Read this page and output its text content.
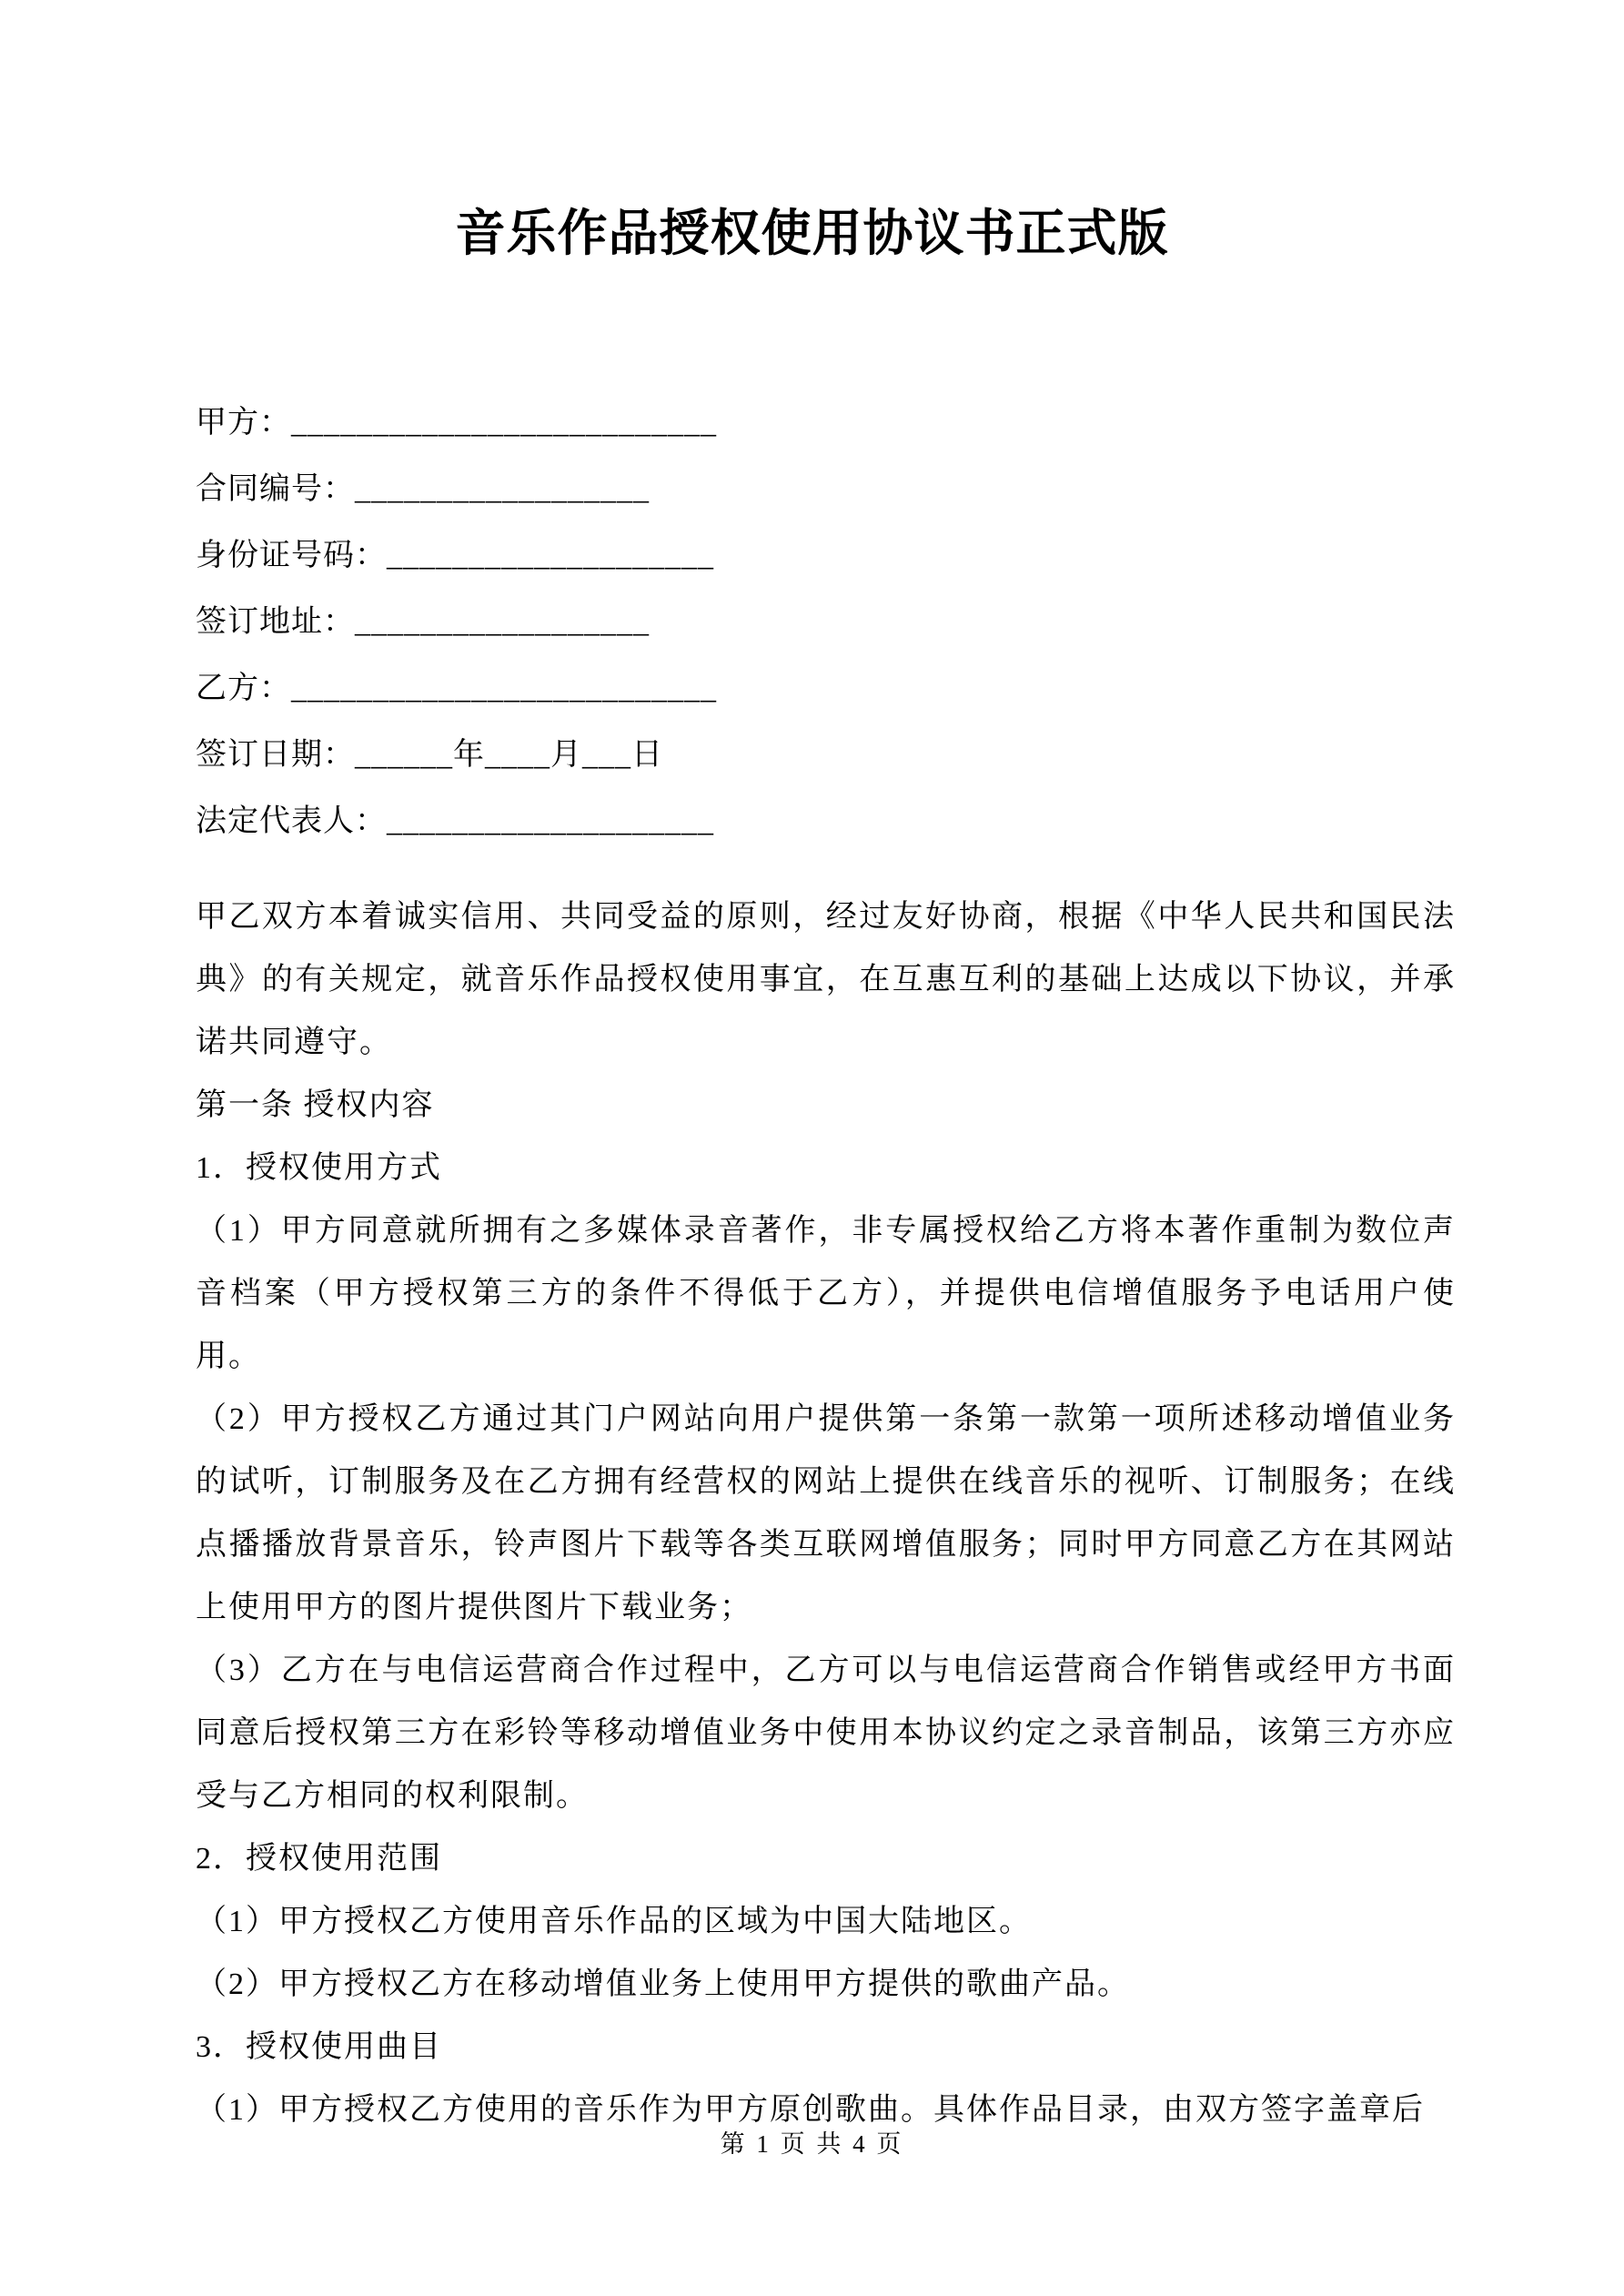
音乐作品授权使用协议书正式版
甲方：__________________________
合同编号：__________________
身份证号码：____________________
签订地址：__________________
乙方：__________________________
签订日期：______年____月___日
法定代表人：____________________

甲乙双方本着诚实信用、共同受益的原则，经过友好协商，根据《中华人民共和国民法典》的有关规定，就音乐作品授权使用事宜，在互惠互利的基础上达成以下协议，并承诺共同遵守。

第一条 授权内容

1．授权使用方式

（1）甲方同意就所拥有之多媒体录音著作，非专属授权给乙方将本著作重制为数位声音档案（甲方授权第三方的条件不得低于乙方），并提供电信增值服务予电话用户使用。

（2）甲方授权乙方通过其门户网站向用户提供第一条第一款第一项所述移动增值业务的试听，订制服务及在乙方拥有经营权的网站上提供在线音乐的视听、订制服务；在线点播播放背景音乐，铃声图片下载等各类互联网增值服务；同时甲方同意乙方在其网站上使用甲方的图片提供图片下载业务；

（3）乙方在与电信运营商合作过程中，乙方可以与电信运营商合作销售或经甲方书面同意后授权第三方在彩铃等移动增值业务中使用本协议约定之录音制品，该第三方亦应受与乙方相同的权利限制。

2．授权使用范围

（1）甲方授权乙方使用音乐作品的区域为中国大陆地区。

（2）甲方授权乙方在移动增值业务上使用甲方提供的歌曲产品。

3．授权使用曲目

（1）甲方授权乙方使用的音乐作为甲方原创歌曲。具体作品目录，由双方签字盖章后

第 1 页 共 4 页
